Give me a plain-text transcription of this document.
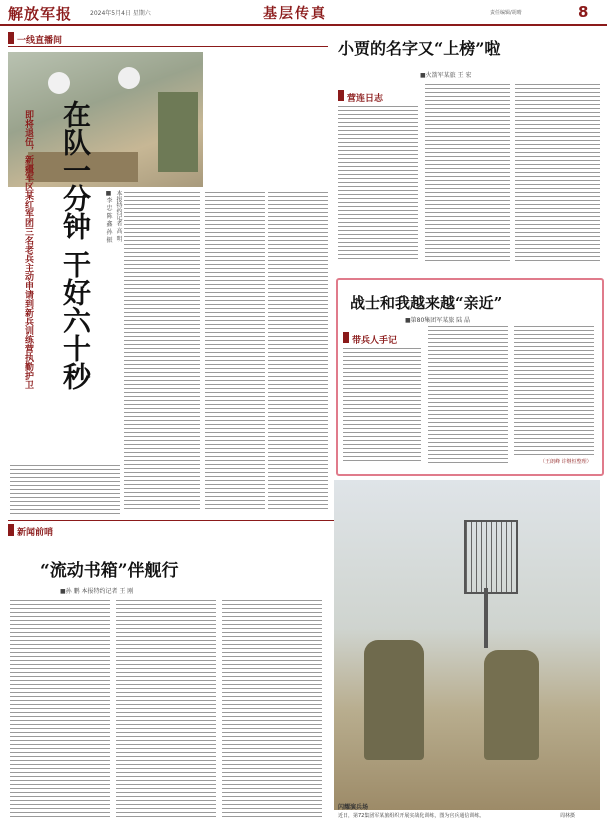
解放军报	2024年5月4日 星期六	基层传真	责任编辑/胡晴	8
一线直播间
在队一分钟 干好六十秒
即将退伍，新疆军区某红军团三名老兵主动申请到新兵训练营执勤护卫	■李 忠 陈 鑫 孙 振 本报特约记者 高 明
小贾的名字又“上榜”啦
■火箭军某旅 王 宏
营连日志
战士和我越来越“亲近”
■第80集团军某旅 陆 晶
带兵人手记
（王朗峰 许继恒整理）
新闻前哨
“流动书箱”伴舰行
■孙 鹏 本报特约记者 王 刚
闪耀演兵场
近日，第72集团军某旅组织开展实战化训练，图为官兵通信训练。	周林摄
